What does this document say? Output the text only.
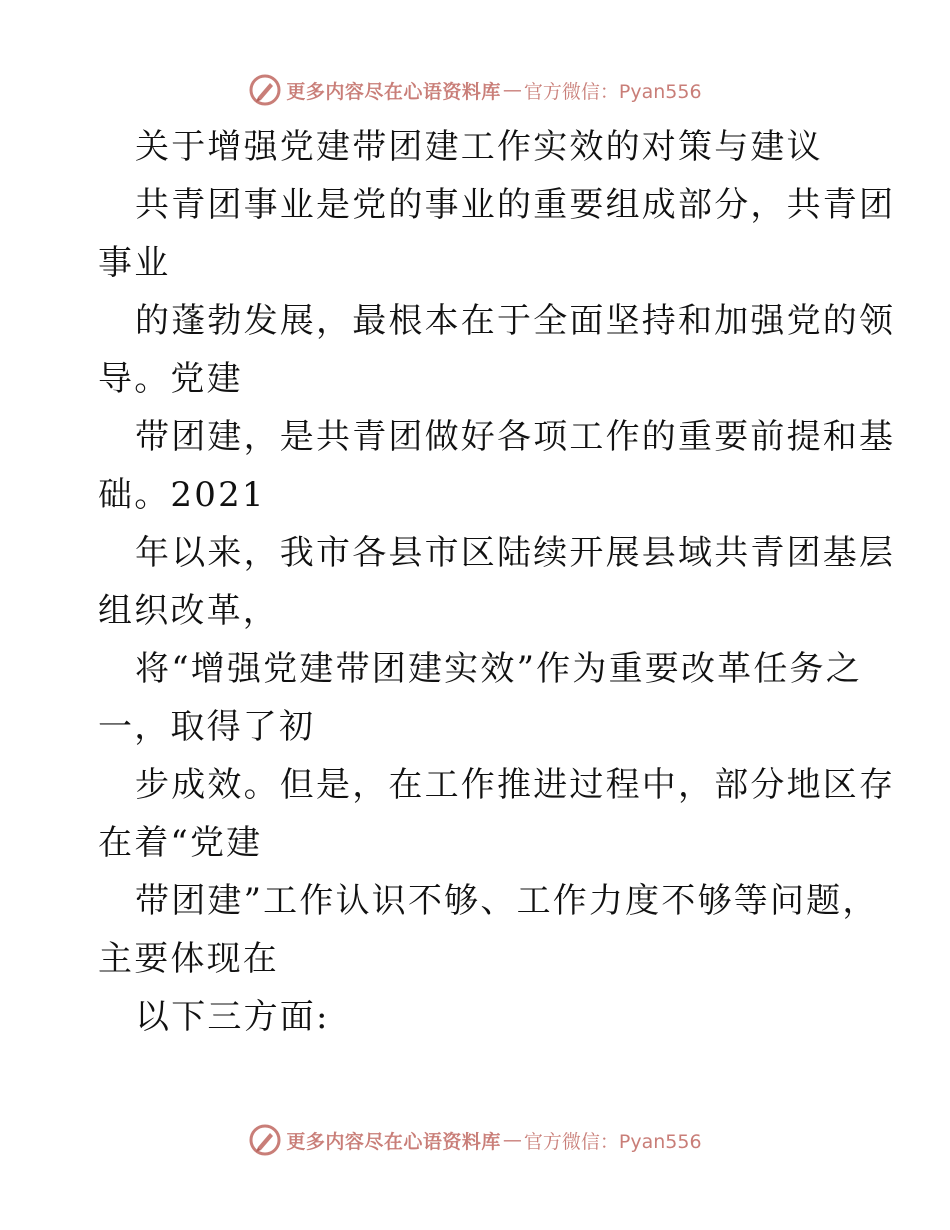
更多内容尽在心语资料库 — 官方微信：Pyan556
关于增强党建带团建工作实效的对策与建议
共青团事业是党的事业的重要组成部分，共青团
事业
的蓬勃发展，最根本在于全面坚持和加强党的领
导。党建
带团建，是共青团做好各项工作的重要前提和基
础。2021
年以来，我市各县市区陆续开展县域共青团基层
组织改革，
将“增强党建带团建实效”作为重要改革任务之
一，取得了初
步成效。但是，在工作推进过程中，部分地区存
在着“党建
带团建”工作认识不够、工作力度不够等问题，
主要体现在
以下三方面:
更多内容尽在心语资料库 — 官方微信：Pyan556
